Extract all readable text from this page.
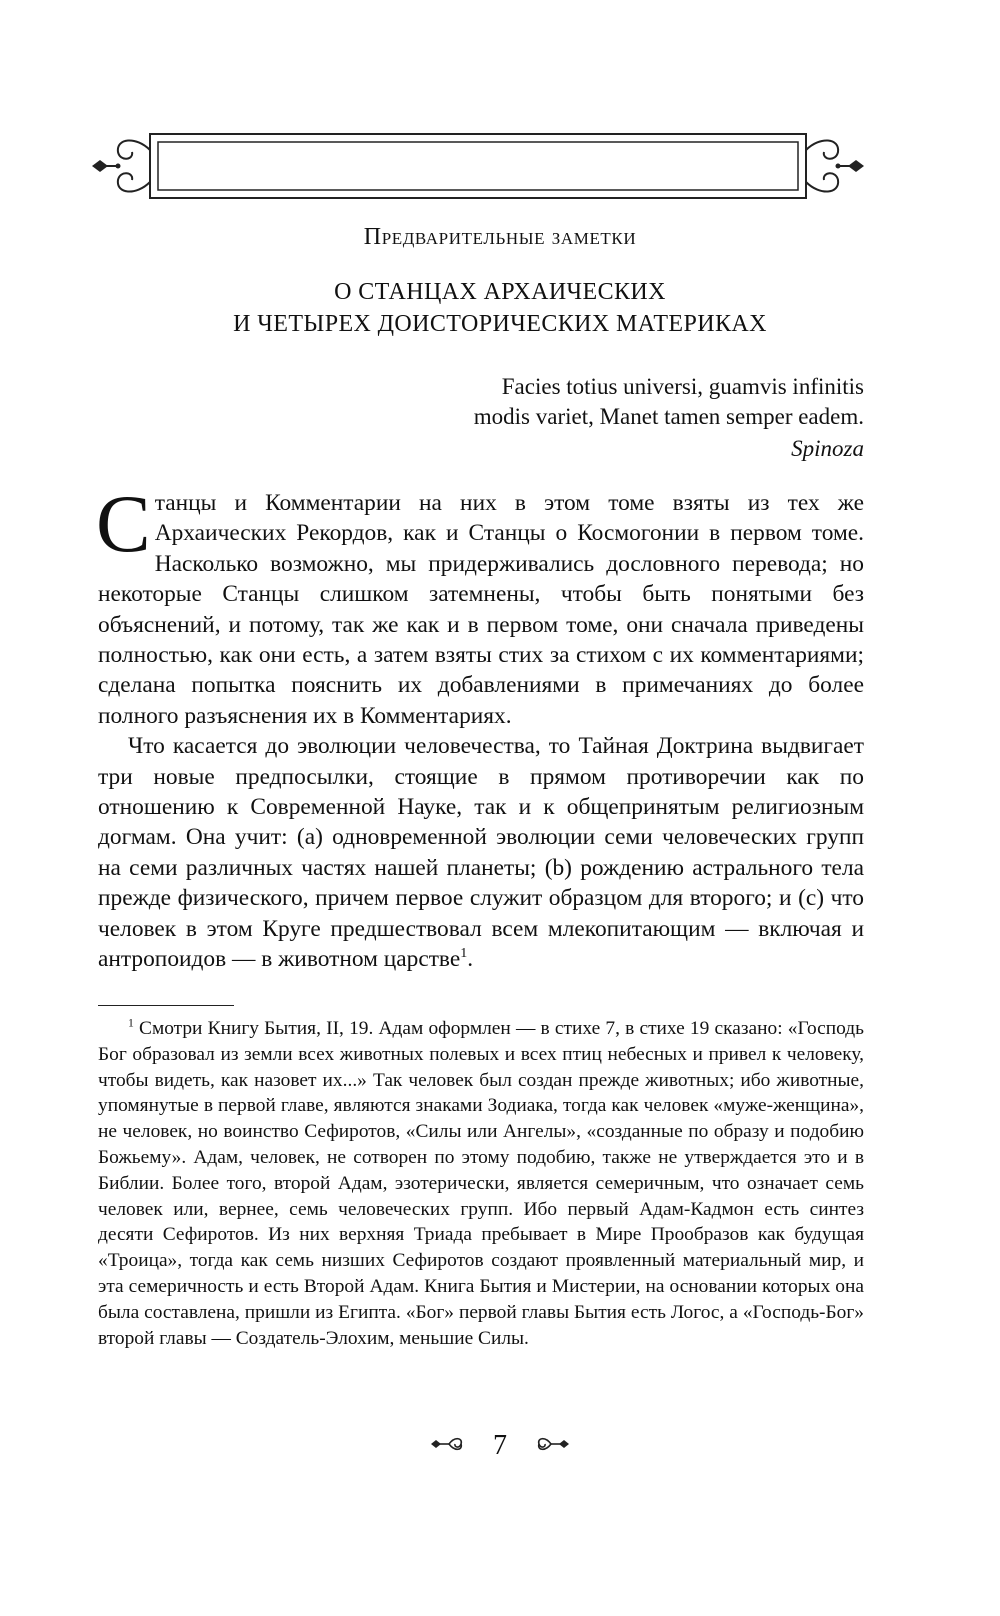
Предварительные заметки
О СТАНЦАХ АРХАИЧЕСКИХ
И ЧЕТЫРЕХ ДОИСТОРИЧЕСКИХ МАТЕРИКАХ
Facies totius universi, guamvis infinitis
modis variet, Manet tamen semper eadem.
Spinoza

Станцы и Комментарии на них в этом томе взяты из тех же Архаических Рекордов, как и Станцы о Космогонии в первом томе. Насколько возможно, мы придерживались дословного перевода; но некоторые Станцы слишком затемнены, чтобы быть понятыми без объяснений, и потому, так же как и в первом томе, они сначала приведены полностью, как они есть, а затем взяты стих за стихом с их комментариями; сделана попытка пояснить их добавлениями в примечаниях до более полного разъяснения их в Комментариях.

Что касается до эволюции человечества, то Тайная Доктрина выдвигает три новые предпосылки, стоящие в прямом противоречии как по отношению к Современной Науке, так и к общепринятым религиозным догмам. Она учит: (a) одновременной эволюции семи человеческих групп на семи различных частях нашей планеты; (b) рождению астрального тела прежде физического, причем первое служит образцом для второго; и (c) что человек в этом Круге предшествовал всем млекопитающим — включая и антропоидов — в животном царстве$^1$.

$^1$ Смотри Книгу Бытия, II, 19. Адам оформлен — в стихе 7, в стихе 19 сказано: «Господь Бог образовал из земли всех животных полевых и всех птиц небесных и привел к человеку, чтобы видеть, как назовет их...» Так человек был создан прежде животных; ибо животные, упомянутые в первой главе, являются знаками Зодиака, тогда как человек «муже-женщина», не человек, но воинство Сефиротов, «Силы или Ангелы», «созданные по образу и подобию Божьему». Адам, человек, не сотворен по этому подобию, также не утверждается это и в Библии. Более того, второй Адам, эзотерически, является семеричным, что означает семь человек или, вернее, семь человеческих групп. Ибо первый Адам-Кадмон есть синтез десяти Сефиротов. Из них верхняя Триада пребывает в Мире Прообразов как будущая «Троица», тогда как семь низших Сефиротов создают проявленный материальный мир, и эта семеричность и есть Второй Адам. Книга Бытия и Мистерии, на основании которых она была составлена, пришли из Египта. «Бог» первой главы Бытия есть Логос, а «Господь-Бог» второй главы — Создатель-Элохим, меньшие Силы.

7
